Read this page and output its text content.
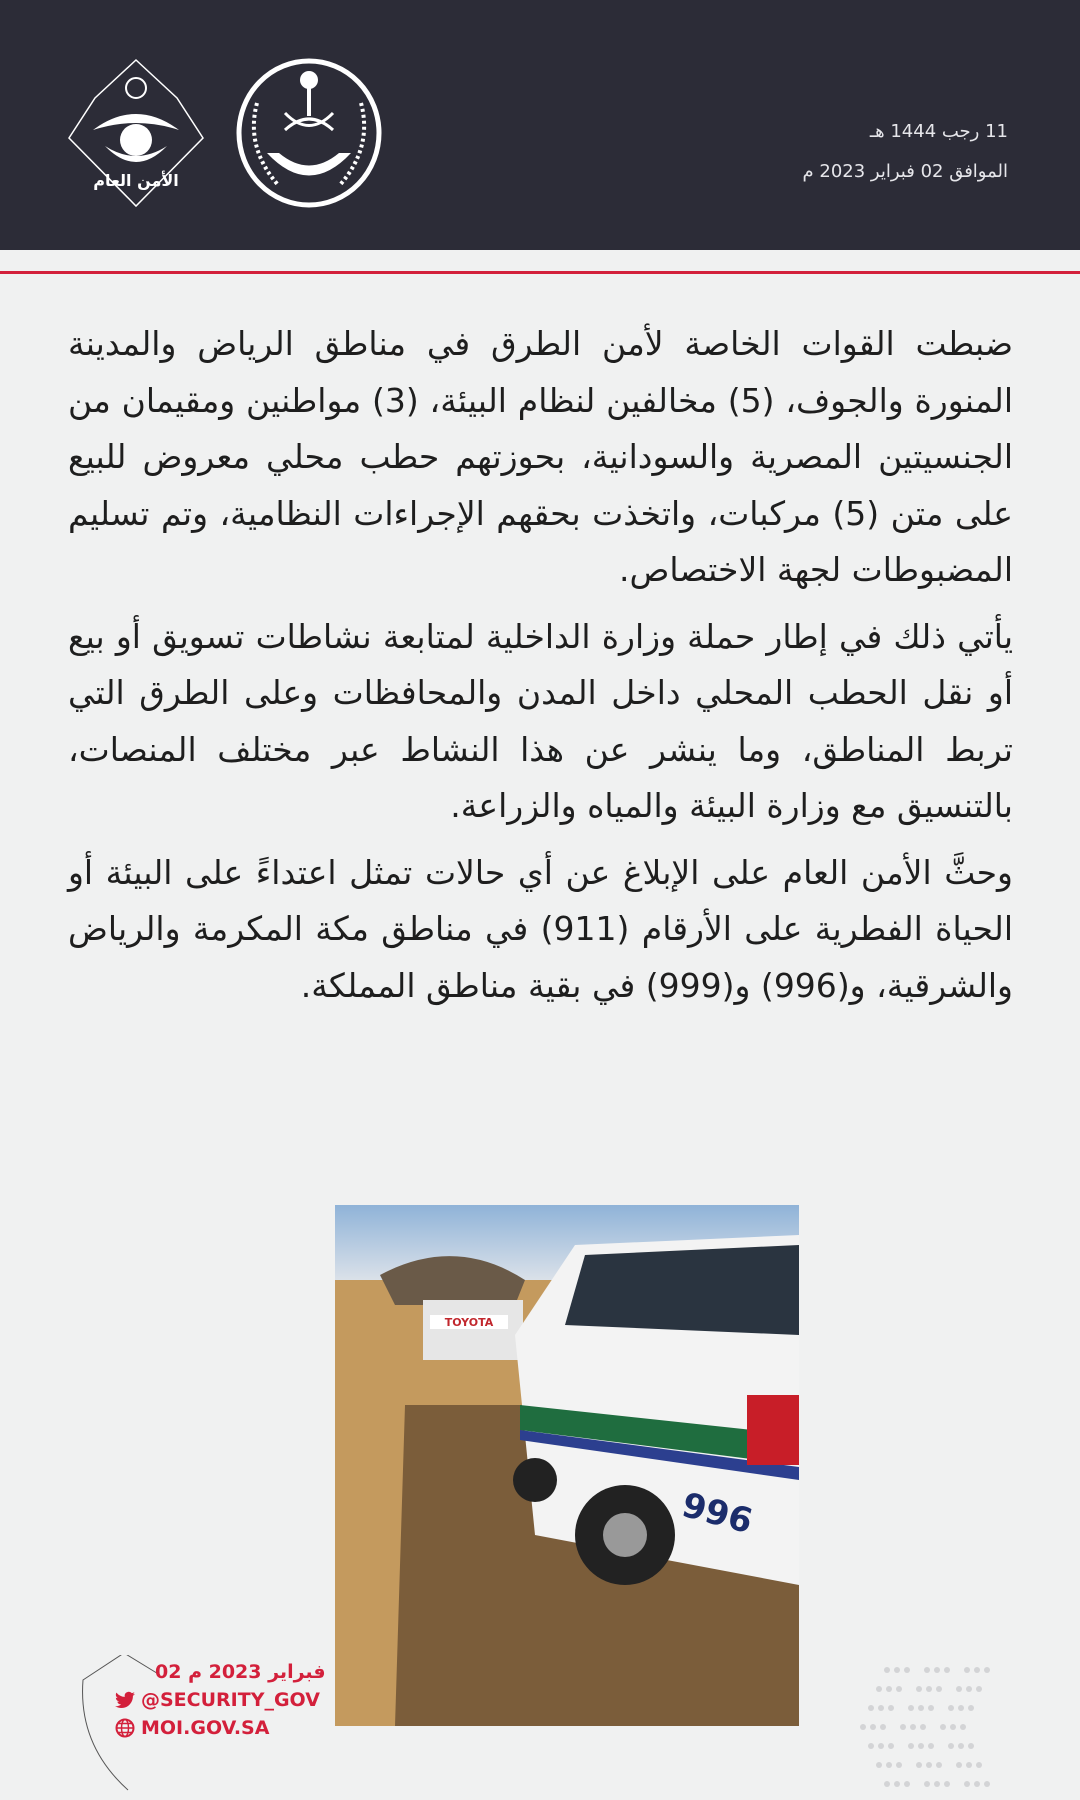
الأمن العام
11 رجب 1444 هـ
الموافق 02 فبراير 2023 م

ضبطت القوات الخاصة لأمن الطرق في مناطق الرياض والمدينة المنورة والجوف، (5) مخالفين لنظام البيئة، (3) مواطنين ومقيمان من الجنسيتين المصرية والسودانية، بحوزتهم حطب محلي معروض للبيع على متن (5) مركبات، واتخذت بحقهم الإجراءات النظامية، وتم تسليم المضبوطات لجهة الاختصاص.

يأتي ذلك في إطار حملة وزارة الداخلية لمتابعة نشاطات تسويق أو بيع أو نقل الحطب المحلي داخل المدن والمحافظات وعلى الطرق التي تربط المناطق، وما ينشر عن هذا النشاط عبر مختلف المنصات، بالتنسيق مع وزارة البيئة والمياه والزراعة.

وحثَّ الأمن العام على الإبلاغ عن أي حالات تمثل اعتداءً على البيئة أو الحياة الفطرية على الأرقام (911) في مناطق مكة المكرمة والرياض والشرقية، و(996) و(999) في بقية مناطق المملكة.

TOYOTA
996
02 فبراير 2023 م
@SECURITY_GOV
MOI.GOV.SA
